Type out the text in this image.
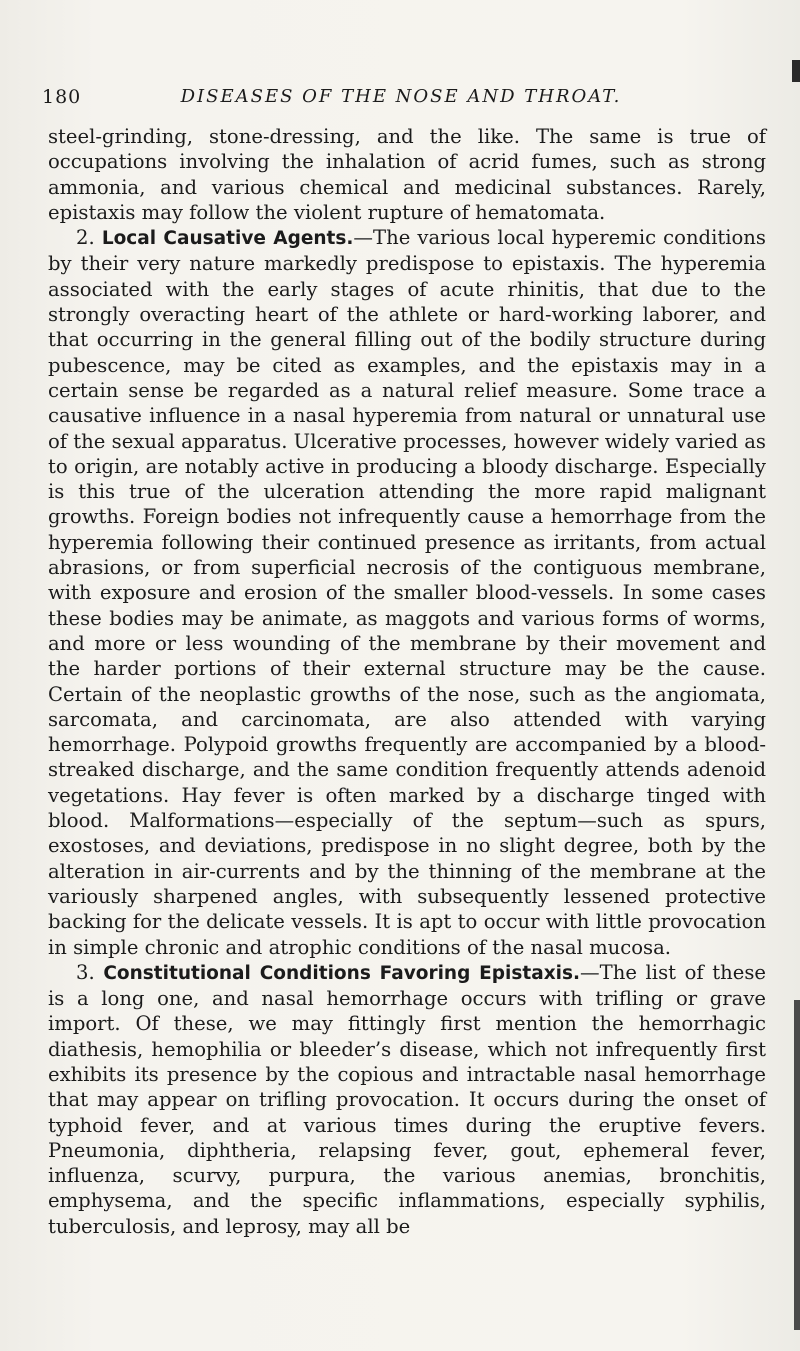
180	DISEASES OF THE NOSE AND THROAT.

steel-grinding, stone-dressing, and the like. The same is true of occupations involving the inhalation of acrid fumes, such as strong ammonia, and various chemical and medicinal substances. Rarely, epistaxis may follow the violent rupture of hematomata.

2. Local Causative Agents.—The various local hyperemic conditions by their very nature markedly predispose to epistaxis. The hyperemia associated with the early stages of acute rhinitis, that due to the strongly overacting heart of the athlete or hard-working laborer, and that occurring in the general filling out of the bodily structure during pubescence, may be cited as examples, and the epistaxis may in a certain sense be regarded as a natural relief measure. Some trace a causative influence in a nasal hyperemia from natural or unnatural use of the sexual apparatus. Ulcerative processes, however widely varied as to origin, are notably active in producing a bloody discharge. Especially is this true of the ulceration attending the more rapid malignant growths. Foreign bodies not infrequently cause a hemorrhage from the hyperemia following their continued presence as irritants, from actual abrasions, or from superficial necrosis of the contiguous membrane, with exposure and erosion of the smaller blood-vessels. In some cases these bodies may be animate, as maggots and various forms of worms, and more or less wounding of the membrane by their movement and the harder portions of their external structure may be the cause. Certain of the neoplastic growths of the nose, such as the angiomata, sarcomata, and carcinomata, are also attended with varying hemorrhage. Polypoid growths frequently are accompanied by a blood-streaked discharge, and the same condition frequently attends adenoid vegetations. Hay fever is often marked by a discharge tinged with blood. Malformations—especially of the septum—such as spurs, exostoses, and deviations, predispose in no slight degree, both by the alteration in air-currents and by the thinning of the membrane at the variously sharpened angles, with subsequently lessened protective backing for the delicate vessels. It is apt to occur with little provocation in simple chronic and atrophic conditions of the nasal mucosa.

3. Constitutional Conditions Favoring Epistaxis.—The list of these is a long one, and nasal hemorrhage occurs with trifling or grave import. Of these, we may fittingly first mention the hemorrhagic diathesis, hemophilia or bleeder’s disease, which not infrequently first exhibits its presence by the copious and intractable nasal hemorrhage that may appear on trifling provocation. It occurs during the onset of typhoid fever, and at various times during the eruptive fevers. Pneumonia, diphtheria, relapsing fever, gout, ephemeral fever, influenza, scurvy, purpura, the various anemias, bronchitis, emphysema, and the specific inflammations, especially syphilis, tuberculosis, and leprosy, may all be
